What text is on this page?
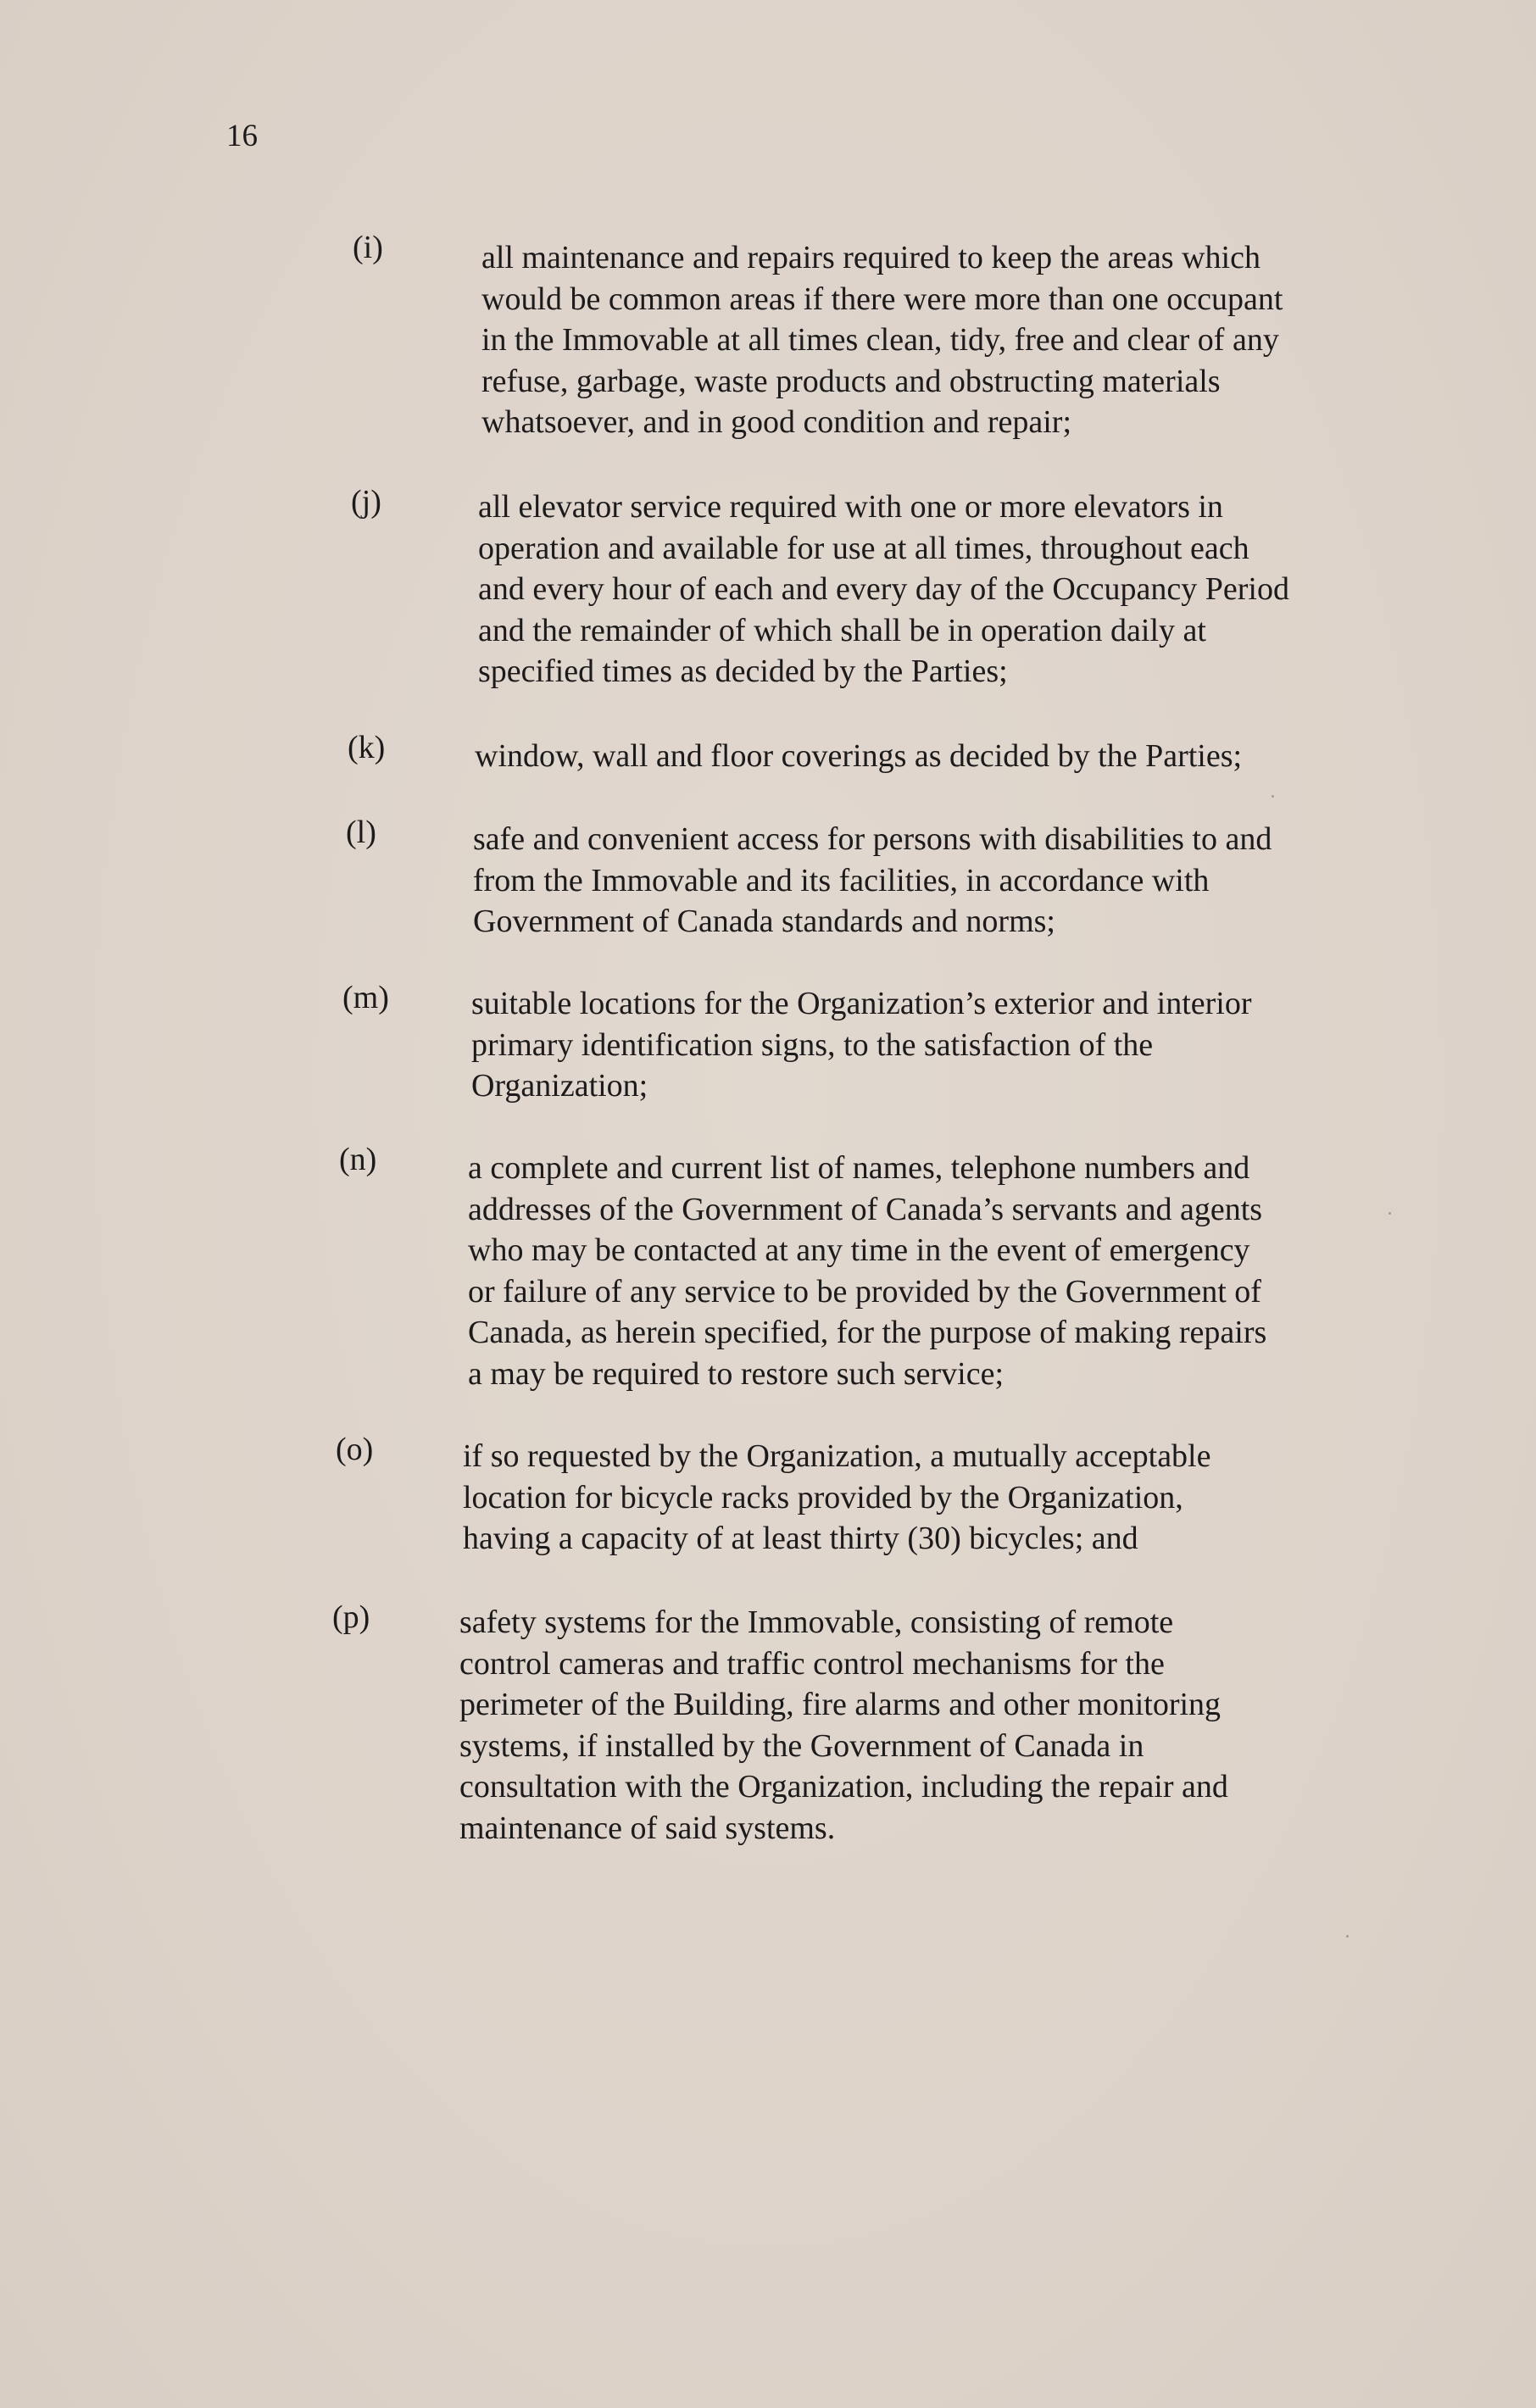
16
(i)	all maintenance and repairs required to keep the areas which
would be common areas if there were more than one occupant
in the Immovable at all times clean, tidy, free and clear of any
refuse, garbage, waste products and obstructing materials
whatsoever, and in good condition and repair;
(j)	all elevator service required with one or more elevators in
operation and available for use at all times, throughout each
and every hour of each and every day of the Occupancy Period
and the remainder of which shall be in operation daily at
specified times as decided by the Parties;
(k)	window, wall and floor coverings as decided by the Parties;
(l)	safe and convenient access for persons with disabilities to and
from the Immovable and its facilities, in accordance with
Government of Canada standards and norms;
(m)	suitable locations for the Organization’s exterior and interior
primary identification signs, to the satisfaction of the
Organization;
(n)	a complete and current list of names, telephone numbers and
addresses of the Government of Canada’s servants and agents
who may be contacted at any time in the event of emergency
or failure of any service to be provided by the Government of
Canada, as herein specified, for the purpose of making repairs
a may be required to restore such service;
(o)	if so requested by the Organization, a mutually acceptable
location for bicycle racks provided by the Organization,
having a capacity of at least thirty (30) bicycles; and
(p)	safety systems for the Immovable, consisting of remote
control cameras and traffic control mechanisms for the
perimeter of the Building, fire alarms and other monitoring
systems, if installed by the Government of Canada in
consultation with the Organization, including the repair and
maintenance of said systems.
